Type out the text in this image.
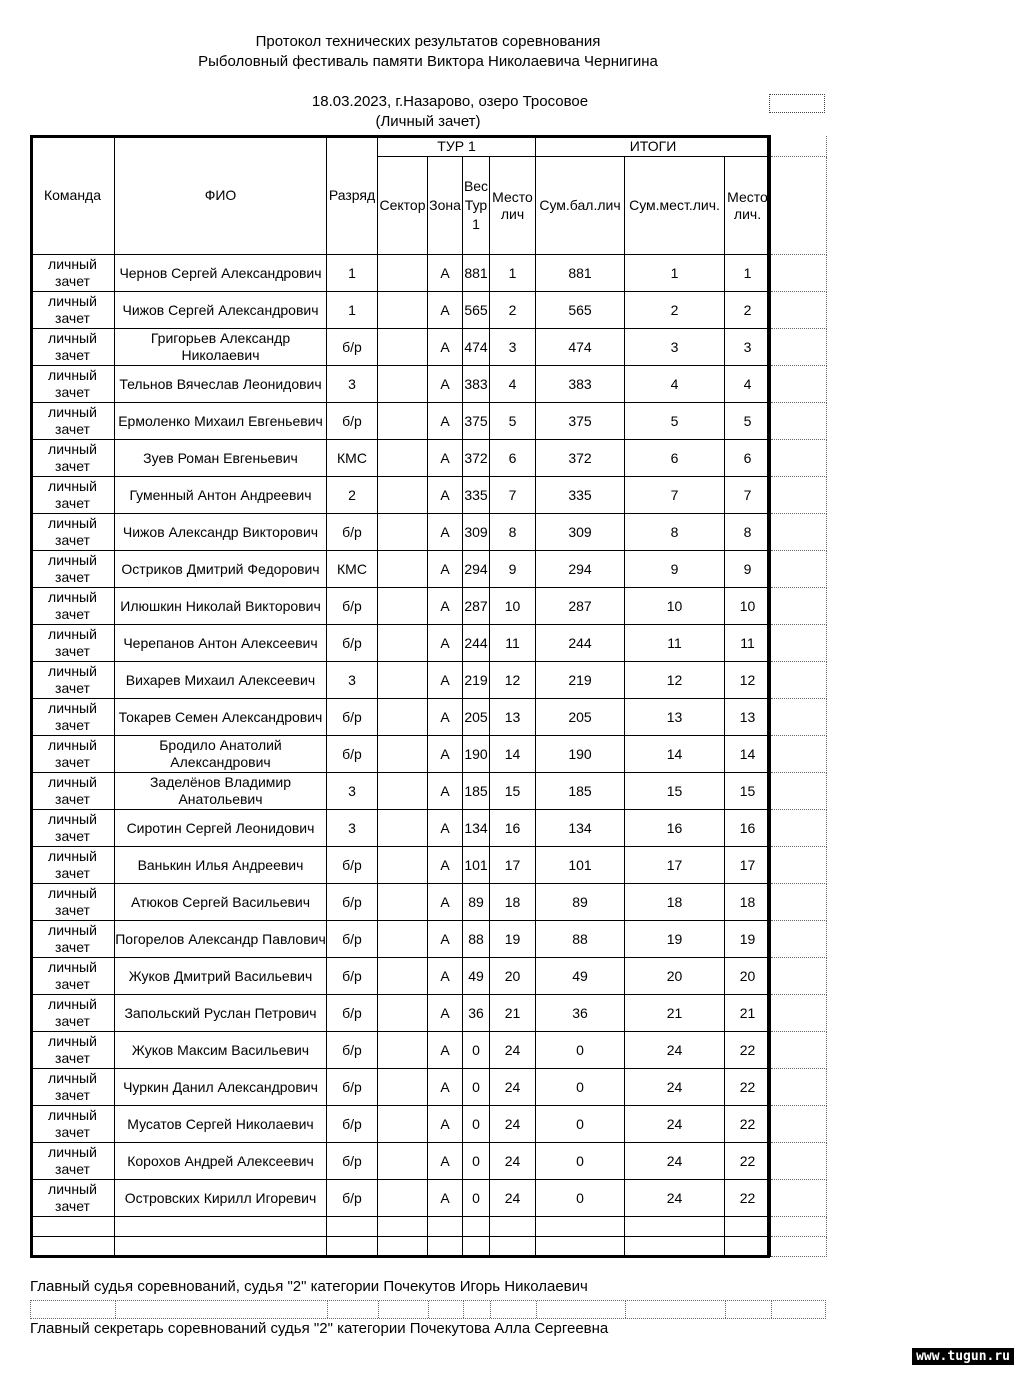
Протокол технических результатов соревнования
Рыболовный фестиваль памяти Виктора Николаевича Чернигина
18.03.2023, г.Назарово, озеро Тросовое
(Личный зачет)
Команда	ФИО	Разряд	ТУР 1				ИТОГИ			
			Сектор	Зона	Вес Тур 1	Место лич	Сум.бал.лич	Сум.мест.лич.	Место лич.	
личный зачет	Чернов Сергей Александрович	1		А	881	1	881	1	1	
личный зачет	Чижов Сергей Александрович	1		А	565	2	565	2	2	
личный зачет	Григорьев Александр Николаевич	б/р		А	474	3	474	3	3	
личный зачет	Тельнов Вячеслав Леонидович	3		А	383	4	383	4	4	
личный зачет	Ермоленко Михаил Евгеньевич	б/р		А	375	5	375	5	5	
личный зачет	Зуев Роман Евгеньевич	КМС		А	372	6	372	6	6	
личный зачет	Гуменный Антон Андреевич	2		А	335	7	335	7	7	
личный зачет	Чижов Александр Викторович	б/р		А	309	8	309	8	8	
личный зачет	Остриков Дмитрий Федорович	КМС		А	294	9	294	9	9	
личный зачет	Илюшкин Николай Викторович	б/р		А	287	10	287	10	10	
личный зачет	Черепанов Антон Алексеевич	б/р		А	244	11	244	11	11	
личный зачет	Вихарев Михаил Алексеевич	3		А	219	12	219	12	12	
личный зачет	Токарев Семен Александрович	б/р		А	205	13	205	13	13	
личный зачет	Бродило Анатолий Александрович	б/р		А	190	14	190	14	14	
личный зачет	Заделёнов Владимир Анатольевич	3		А	185	15	185	15	15	
личный зачет	Сиротин Сергей Леонидович	3		А	134	16	134	16	16	
личный зачет	Ванькин Илья Андреевич	б/р		А	101	17	101	17	17	
личный зачет	Атюков Сергей Васильевич	б/р		А	89	18	89	18	18	
личный зачет	Погорелов Александр Павлович	б/р		А	88	19	88	19	19	
личный зачет	Жуков Дмитрий Васильевич	б/р		А	49	20	49	20	20	
личный зачет	Запольский Руслан Петрович	б/р		А	36	21	36	21	21	
личный зачет	Жуков Максим Васильевич	б/р		А	0	24	0	24	22	
личный зачет	Чуркин Данил Александрович	б/р		А	0	24	0	24	22	
личный зачет	Мусатов Сергей Николаевич	б/р		А	0	24	0	24	22	
личный зачет	Корохов Андрей Алексеевич	б/р		А	0	24	0	24	22	
личный зачет	Островских Кирилл Игоревич	б/р		А	0	24	0	24	22	

Главный судья соревнований, судья "2" категории Почекутов Игорь Николаевич
Главный секретарь соревнований судья "2" категории Почекутова Алла Сергеевна
www.tugun.ru
